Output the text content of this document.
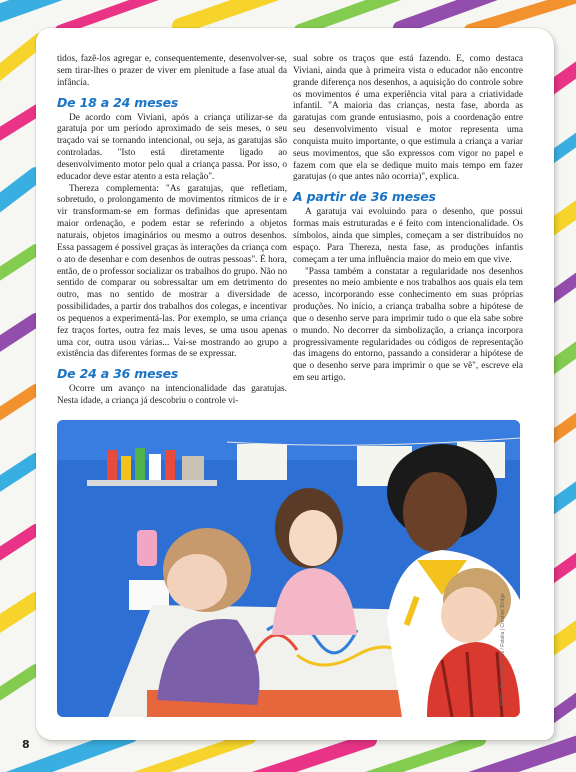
tidos, fazê-los agregar e, consequentemente, desenvolver-se, sem tirar-lhes o prazer de viver em plenitude a fase atual da infância.

De 18 a 24 meses

De acordo com Viviani, após a criança utilizar-se da garatuja por um período aproximado de seis meses, o seu traçado vai se tornando intencional, ou seja, as garatujas são controladas. "Isto está diretamente ligado ao desenvolvimento motor pelo qual a criança passa. Por isso, o educador deve estar atento a esta relação".

Thereza complementa: "As garatujas, que refletiam, sobretudo, o prolongamento de movimentos rítmicos de ir e vir transformam-se em formas definidas que apresentam maior ordenação, e podem estar se referindo a objetos naturais, objetos imaginários ou mesmo a outros desenhos. Essa passagem é possível graças às interações da criança com o ato de desenhar e com desenhos de outras pessoas". É hora, então, de o professor socializar os trabalhos do grupo. Não no sentido de comparar ou sobressaltar um em detrimento do outro, mas no sentido de mostrar a diversidade de possibilidades, a partir dos trabalhos dos colegas, e incentivar os pequenos a experimentá-las. Por exemplo, se uma criança fez traços fortes, outra fez mais leves, se uma usou apenas uma cor, outra usou várias... Vai-se mostrando ao grupo a existência das diferentes formas de se expressar.

De 24 a 36 meses

Ocorre um avanço na intencionalidade das garatujas. Nesta idade, a criança já descobriu o controle vi-

sual sobre os traços que está fazendo. E, como destaca Viviani, ainda que à primeira vista o educador não encontre grande diferença nos desenhos, a aquisição do controle sobre os movimentos é uma experiência vital para a criatividade infantil. "A maioria das crianças, nesta fase, aborda as garatujas com grande entusiasmo, pois a coordenação entre seu desenvolvimento visual e motor representa uma conquista muito importante, o que estimula a criança a variar seus movimentos, que são expressos com vigor no papel e fazem com que ela se dedique muito mais tempo em fazer garatujas (o que antes não ocorria)", explica.

A partir de 36 meses

A garatuja vai evoluindo para o desenho, que possui formas mais estruturadas e é feito com intencionalidade. Os símbolos, ainda que simples, começam a ser distribuídos no espaço. Para Thereza, nesta fase, as produções infantis começam a ter uma influência maior do meio em que vive.

"Passa também a constatar a regularidade nos desenhos presentes no meio ambiente e nos trabalhos aos quais ela tem acesso, incorporando esse conhecimento em suas próprias produções. No início, a criança trabalha sobre a hipótese de que o desenho serve para imprimir tudo o que ela sabe sobre o mundo. No decorrer da simbolização, a criança incorpora progressivamente regularidades ou códigos de representação das imagens do entorno, passando a considerar a hipótese de que o desenho serve para imprimir o que se vê", escreve ela em seu artigo.

FOTO: Brand X Pictures / Fotolia | Creative Bridge
8
